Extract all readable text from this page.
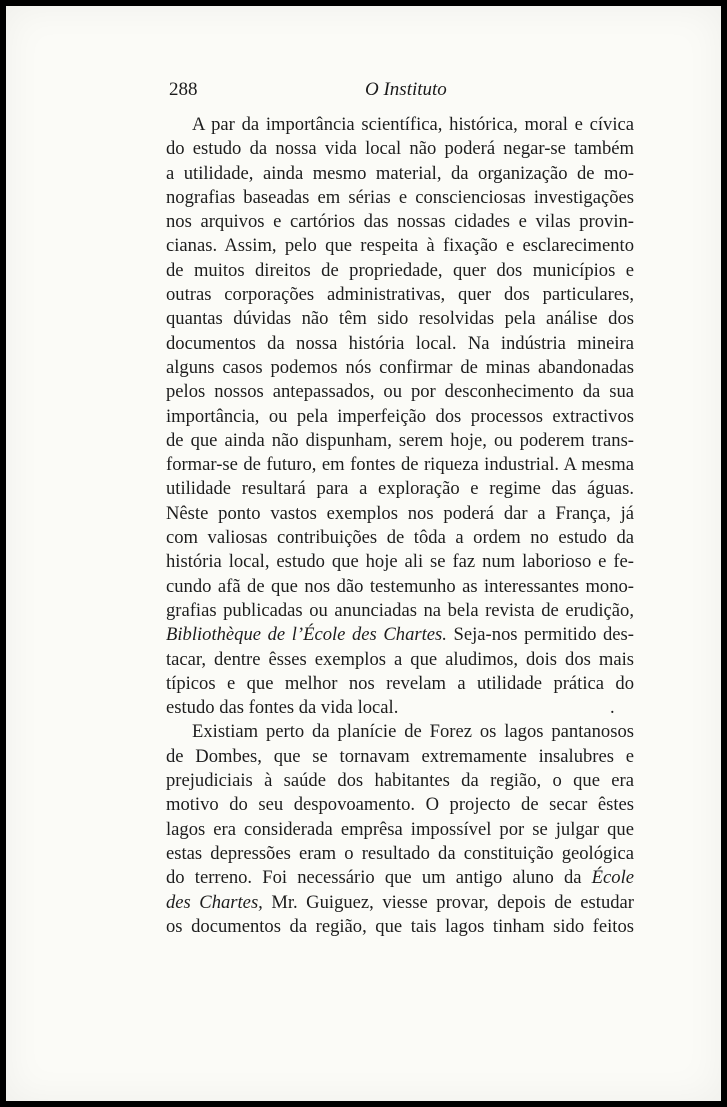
288	O Instituto
A par da importância scientífica, histórica, moral e cívica
do estudo da nossa vida local não poderá negar-se também
a utilidade, ainda mesmo material, da organização de mo-
nografias baseadas em sérias e conscienciosas investigações
nos arquivos e cartórios das nossas cidades e vilas provin-
cianas. Assim, pelo que respeita à fixação e esclarecimento
de muitos direitos de propriedade, quer dos municípios e
outras corporações administrativas, quer dos particulares,
quantas dúvidas não têm sido resolvidas pela análise dos
documentos da nossa história local. Na indústria mineira
alguns casos podemos nós confirmar de minas abandonadas
pelos nossos antepassados, ou por desconhecimento da sua
importância, ou pela imperfeição dos processos extractivos
de que ainda não dispunham, serem hoje, ou poderem trans-
formar-se de futuro, em fontes de riqueza industrial. A mesma
utilidade resultará para a exploração e regime das águas.
Nêste ponto vastos exemplos nos poderá dar a França, já
com valiosas contribuições de tôda a ordem no estudo da
história local, estudo que hoje ali se faz num laborioso e fe-
cundo afã de que nos dão testemunho as interessantes mono-
grafias publicadas ou anunciadas na bela revista de erudição,
Bibliothèque de l’École des Chartes. Seja-nos permitido des-
tacar, dentre êsses exemplos a que aludimos, dois dos mais
típicos e que melhor nos revelam a utilidade prática do
estudo das fontes da vida local.	.
Existiam perto da planície de Forez os lagos pantanosos
de Dombes, que se tornavam extremamente insalubres e
prejudiciais à saúde dos habitantes da região, o que era
motivo do seu despovoamento. O projecto de secar êstes
lagos era considerada emprêsa impossível por se julgar que
estas depressões eram o resultado da constituição geológica
do terreno. Foi necessário que um antigo aluno da École
des Chartes, Mr. Guiguez, viesse provar, depois de estudar
os documentos da região, que tais lagos tinham sido feitos
